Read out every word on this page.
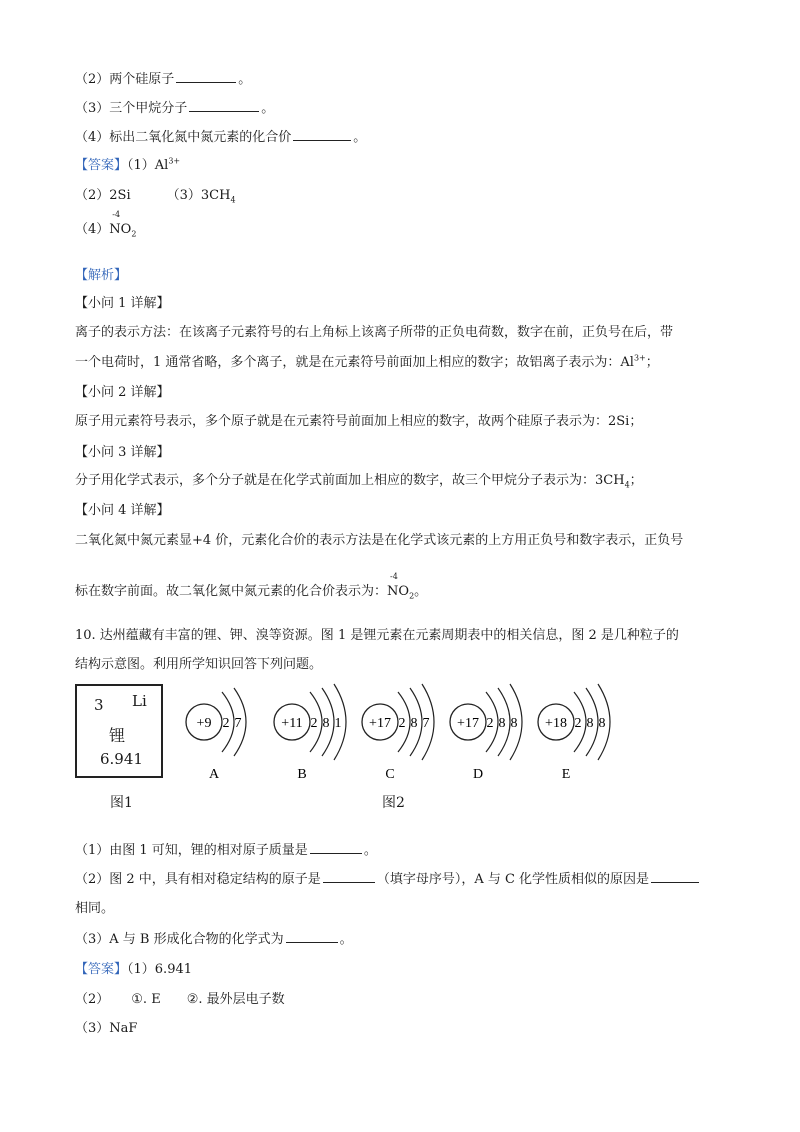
（2）两个硅原子	。
（3）三个甲烷分子	。
（4）标出二氧化氮中氮元素的化合价	。
【答案】$(1)Al^{3+}$
（2）2Si	$(3)3CH_4$
（4）
-4
$NO_2$
【解析】
【小问 1 详解】
离子的表示方法：在该离子元素符号的右上角标上该离子所带的正负电荷数，数字在前，正负号在后，带
一个电荷时，1 通常省略，多个离子，就是在元素符号前面加上相应的数字；故铝离子表示为：$Al^{3+}$；
【小问 2 详解】
原子用元素符号表示，多个原子就是在元素符号前面加上相应的数字，故两个硅原子表示为：2Si；
【小问 3 详解】
分子用化学式表示，多个分子就是在化学式前面加上相应的数字，故三个甲烷分子表示为：$3CH_4$；
【小问 4 详解】
二氧化氮中氮元素显+4 价，元素化合价的表示方法是在化学式该元素的上方用正负号和数字表示，正负号
标在数字前面。故二氧化氮中氮元素的化合价表示为：
-4
$NO_2$。
10. 达州蕴藏有丰富的锂、钾、溴等资源。图 1 是锂元素在元素周期表中的相关信息，图 2 是几种粒子的
结构示意图。利用所学知识回答下列问题。
3 Li
锂
6.941
图1
+9 2 7
A
+11 2 8 1
B
+17 2 8 7
C
+17 2 8 8
D
+18 2 8 8
E
图2
（1）由图 1 可知，锂的相对原子质量是	。
（2）图 2 中，具有相对稳定结构的原子是	（填字母序号），A 与 C 化学性质相似的原因是
相同。
（3）A 与 B 形成化合物的化学式为	。
【答案】（1）6.941
（2） ①. E ②. 最外层电子数
（3）NaF
